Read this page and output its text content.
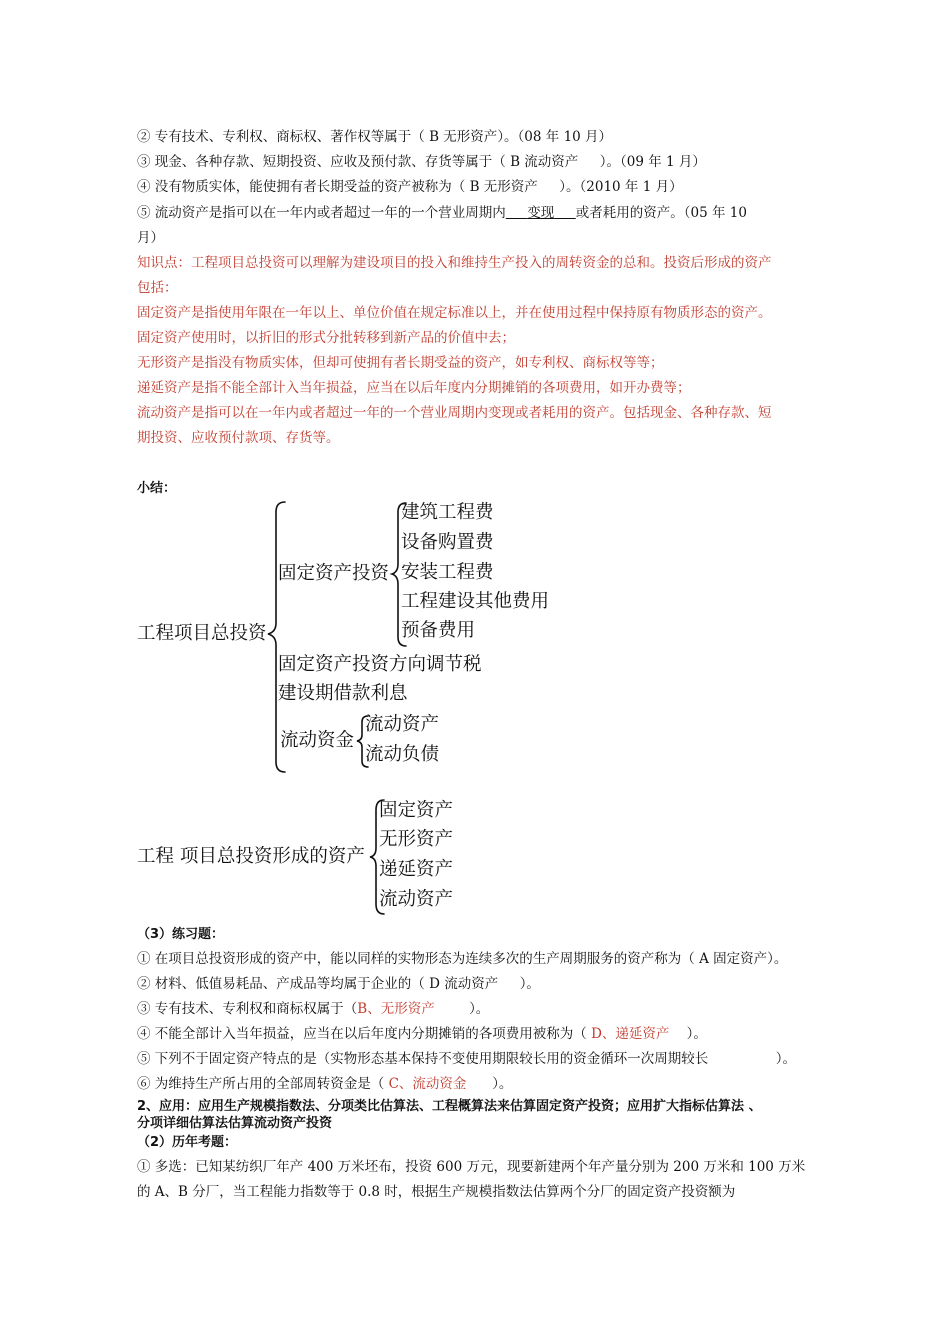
② 专有技术、专利权、商标权、著作权等属于（ B 无形资产）。（08 年 10 月）
③ 现金、各种存款、短期投资、应收及预付款、存货等属于（ B 流动资产 ）。（09 年 1 月）
④ 没有物质实体，能使拥有者长期受益的资产被称为（ B 无形资产 ）。（2010 年 1 月）
⑤ 流动资产是指可以在一年内或者超过一年的一个营业周期内 变现 或者耗用的资产。（05 年 10
月）
知识点：工程项目总投资可以理解为建设项目的投入和维持生产投入的周转资金的总和。投资后形成的资产
包括：
固定资产是指使用年限在一年以上、单位价值在规定标准以上，并在使用过程中保持原有物质形态的资产。
固定资产使用时，以折旧的形式分批转移到新产品的价值中去；
无形资产是指没有物质实体，但却可使拥有者长期受益的资产，如专利权、商标权等等；
递延资产是指不能全部计入当年损益，应当在以后年度内分期摊销的各项费用，如开办费等；
流动资产是指可以在一年内或者超过一年的一个营业周期内变现或者耗用的资产。包括现金、各种存款、短
期投资、应收预付款项、存货等。
小结：
工程项目总投资
固定资产投资
建筑工程费
设备购置费
安装工程费
工程建设其他费用
预备费用
固定资产投资方向调节税
建设期借款利息
流动资金
流动资产
流动负债
工程 项目总投资形成的资产
固定资产
无形资产
递延资产
流动资产
（3）练习题：
① 在项目总投资形成的资产中，能以同样的实物形态为连续多次的生产周期服务的资产称为（ A 固定资产）。
② 材料、低值易耗品、产成品等均属于企业的（ D 流动资产 ）。
③ 专有技术、专利权和商标权属于（B、无形资产	）。
④ 不能全部计入当年损益，应当在以后年度内分期摊销的各项费用被称为（ D、递延资产 ）。
⑤ 下列不于固定资产特点的是（实物形态基本保持不变使用期限较长用的资金循环一次周期较长　　　　　）。
⑥ 为维持生产所占用的全部周转资金是（ C、流动资金 ）。
2、应用：应用生产规模指数法、分项类比估算法、工程概算法来估算固定资产投资；应用扩大指标估算法 、
分项详细估算法估算流动资产投资
（2）历年考题：
① 多选：已知某纺织厂年产 400 万米坯布，投资 600 万元，现要新建两个年产量分别为 200 万米和 100 万米
的 A、B 分厂，当工程能力指数等于 0.8 时，根据生产规模指数法估算两个分厂的固定资产投资额为
